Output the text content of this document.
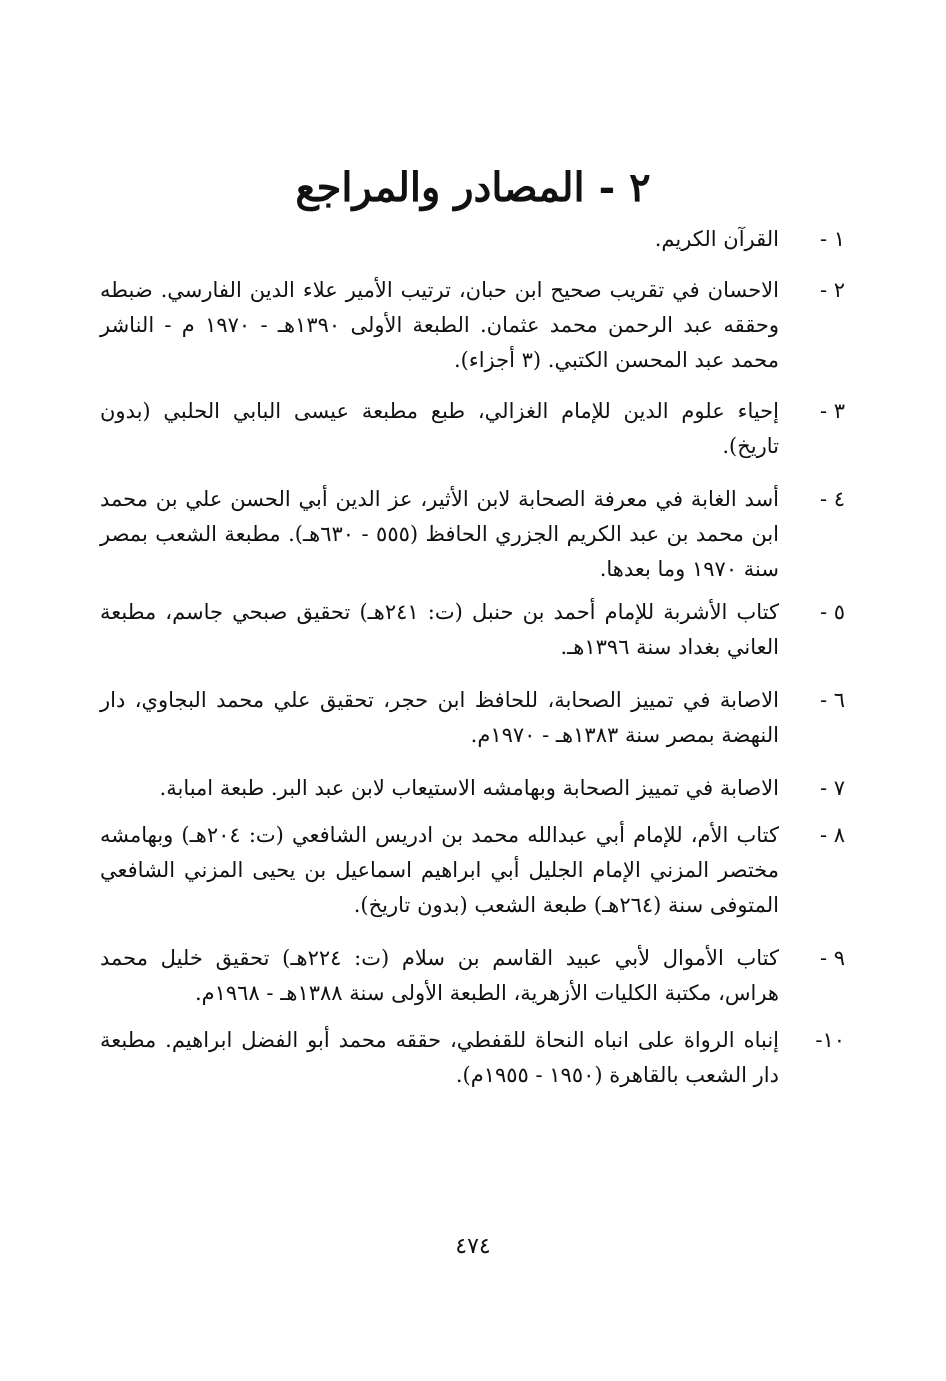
٢ - المصادر والمراجع
١ -
القرآن الكريم.
٢ -
الاحسان في تقريب صحيح ابن حبان، ترتيب الأمير علاء الدين الفارسي. ضبطه وحققه عبد الرحمن محمد عثمان. الطبعة الأولى ١٣٩٠هـ - ١٩٧٠ م - الناشر محمد عبد المحسن الكتبي. (٣ أجزاء).
٣ -
إحياء علوم الدين للإمام الغزالي، طبع مطبعة عيسى البابي الحلبي (بدون تاريخ).
٤ -
أسد الغابة في معرفة الصحابة لابن الأثير، عز الدين أبي الحسن علي بن محمد ابن محمد بن عبد الكريم الجزري الحافظ (٥٥٥ - ٦٣٠هـ). مطبعة الشعب بمصر سنة ١٩٧٠ وما بعدها.
٥ -
كتاب الأشربة للإمام أحمد بن حنبل (ت: ٢٤١هـ) تحقيق صبحي جاسم، مطبعة العاني بغداد سنة ١٣٩٦هـ.
٦ -
الاصابة في تمييز الصحابة، للحافظ ابن حجر، تحقيق علي محمد البجاوي، دار النهضة بمصر سنة ١٣٨٣هـ - ١٩٧٠م.
٧ -
الاصابة في تمييز الصحابة وبهامشه الاستيعاب لابن عبد البر. طبعة امبابة.
٨ -
كتاب الأم، للإمام أبي عبدالله محمد بن ادريس الشافعي (ت: ٢٠٤هـ) وبهامشه مختصر المزني الإمام الجليل أبي ابراهيم اسماعيل بن يحيى المزني الشافعي المتوفى سنة (٢٦٤هـ) طبعة الشعب (بدون تاريخ).
٩ -
كتاب الأموال لأبي عبيد القاسم بن سلام (ت: ٢٢٤هـ) تحقيق خليل محمد هراس، مكتبة الكليات الأزهرية، الطبعة الأولى سنة ١٣٨٨هـ - ١٩٦٨م.
١٠-
إنباه الرواة على انباه النحاة للقفطي، حققه محمد أبو الفضل ابراهيم. مطبعة دار الشعب بالقاهرة (١٩٥٠ - ١٩٥٥م).
٤٧٤
